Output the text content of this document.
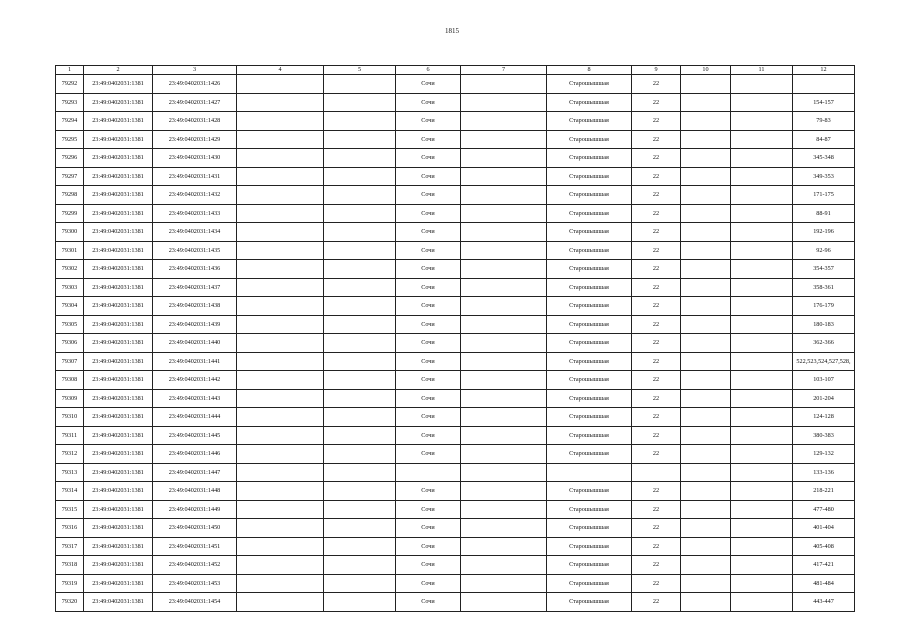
1815
1	2	3	4	5	6	7	8	9	10	11	12
79292	23:49:0402031:1381	23:49:0402031:1426			Сочи		Старошышшая	22			
79293	23:49:0402031:1381	23:49:0402031:1427			Сочи		Старошышшая	22			154-157
79294	23:49:0402031:1381	23:49:0402031:1428			Сочи		Старошышшая	22			79-83
79295	23:49:0402031:1381	23:49:0402031:1429			Сочи		Старошышшая	22			84-87
79296	23:49:0402031:1381	23:49:0402031:1430			Сочи		Старошышшая	22			345-348
79297	23:49:0402031:1381	23:49:0402031:1431			Сочи		Старошышшая	22			349-353
79298	23:49:0402031:1381	23:49:0402031:1432			Сочи		Старошышшая	22			171-175
79299	23:49:0402031:1381	23:49:0402031:1433			Сочи		Старошышшая	22			88-91
79300	23:49:0402031:1381	23:49:0402031:1434			Сочи		Старошышшая	22			192-196
79301	23:49:0402031:1381	23:49:0402031:1435			Сочи		Старошышшая	22			92-96
79302	23:49:0402031:1381	23:49:0402031:1436			Сочи		Старошышшая	22			354-357
79303	23:49:0402031:1381	23:49:0402031:1437			Сочи		Старошышшая	22			358-361
79304	23:49:0402031:1381	23:49:0402031:1438			Сочи		Старошышшая	22			176-179
79305	23:49:0402031:1381	23:49:0402031:1439			Сочи		Старошышшая	22			180-183
79306	23:49:0402031:1381	23:49:0402031:1440			Сочи		Старошышшая	22			362-366
79307	23:49:0402031:1381	23:49:0402031:1441			Сочи		Старошышшая	22			522,523,524,527,528,
79308	23:49:0402031:1381	23:49:0402031:1442			Сочи		Старошышшая	22			103-107
79309	23:49:0402031:1381	23:49:0402031:1443			Сочи		Старошышшая	22			201-204
79310	23:49:0402031:1381	23:49:0402031:1444			Сочи		Старошышшая	22			124-128
79311	23:49:0402031:1381	23:49:0402031:1445			Сочи		Старошышшая	22			380-383
79312	23:49:0402031:1381	23:49:0402031:1446			Сочи		Старошышшая	22			129-132
79313	23:49:0402031:1381	23:49:0402031:1447									133-136
79314	23:49:0402031:1381	23:49:0402031:1448			Сочи		Старошышшая	22			218-221
79315	23:49:0402031:1381	23:49:0402031:1449			Сочи		Старошышшая	22			477-480
79316	23:49:0402031:1381	23:49:0402031:1450			Сочи		Старошышшая	22			401-404
79317	23:49:0402031:1381	23:49:0402031:1451			Сочи		Старошышшая	22			405-408
79318	23:49:0402031:1381	23:49:0402031:1452			Сочи		Старошышшая	22			417-421
79319	23:49:0402031:1381	23:49:0402031:1453			Сочи		Старошышшая	22			481-484
79320	23:49:0402031:1381	23:49:0402031:1454			Сочи		Старошышшая	22			443-447
